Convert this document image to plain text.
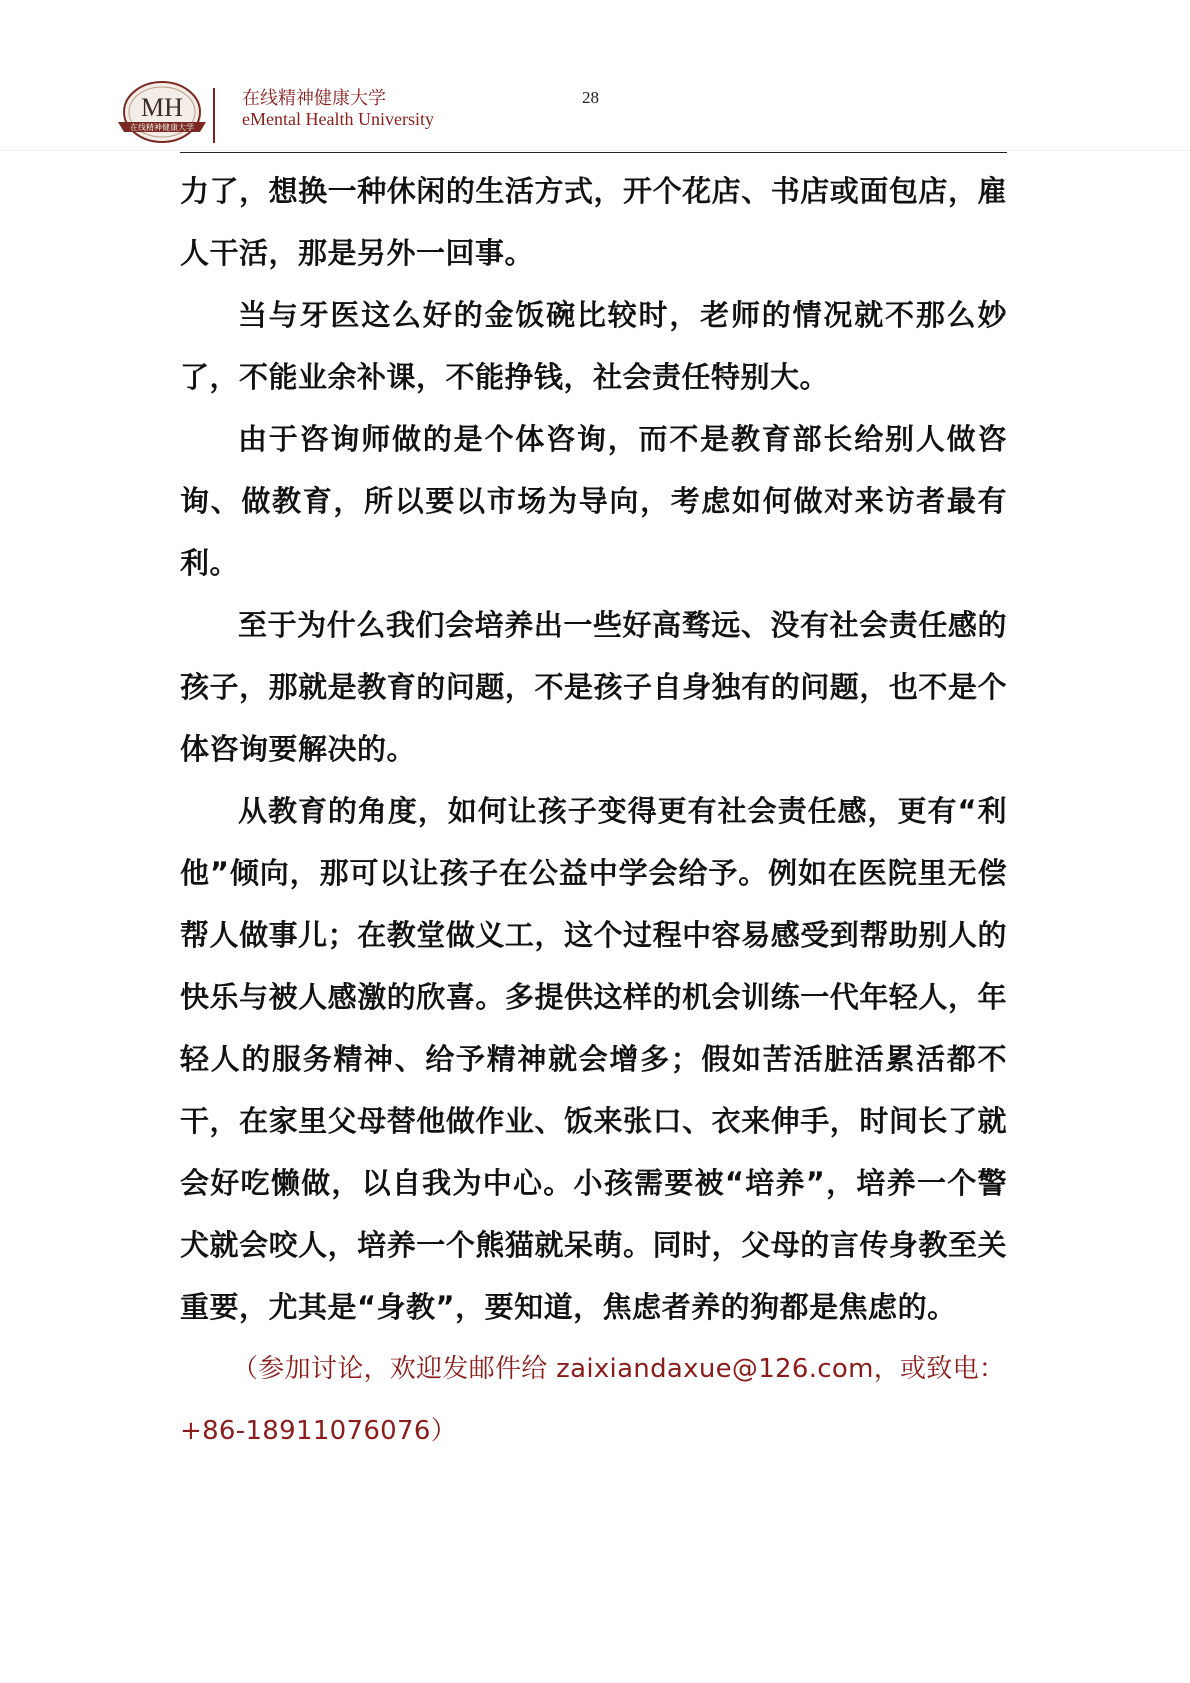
MH
在线精神健康大学
在线精神健康大学
eMental Health University
28

力了，想换一种休闲的生活方式，开个花店、书店或面包店，雇人干活，那是另外一回事。

当与牙医这么好的金饭碗比较时，老师的情况就不那么妙了，不能业余补课，不能挣钱，社会责任特别大。

由于咨询师做的是个体咨询，而不是教育部长给别人做咨询、做教育，所以要以市场为导向，考虑如何做对来访者最有利。

至于为什么我们会培养出一些好高骛远、没有社会责任感的孩子，那就是教育的问题，不是孩子自身独有的问题，也不是个体咨询要解决的。

从教育的角度，如何让孩子变得更有社会责任感，更有“利他”倾向，那可以让孩子在公益中学会给予。例如在医院里无偿帮人做事儿；在教堂做义工，这个过程中容易感受到帮助别人的快乐与被人感激的欣喜。多提供这样的机会训练一代年轻人，年轻人的服务精神、给予精神就会增多；假如苦活脏活累活都不干，在家里父母替他做作业、饭来张口、衣来伸手，时间长了就会好吃懒做，以自我为中心。小孩需要被“培养”，培养一个警犬就会咬人，培养一个熊猫就呆萌。同时，父母的言传身教至关重要，尤其是“身教”，要知道，焦虑者养的狗都是焦虑的。

（参加讨论，欢迎发邮件给 zaixiandaxue@126.com，或致电：+86-18911076076）
